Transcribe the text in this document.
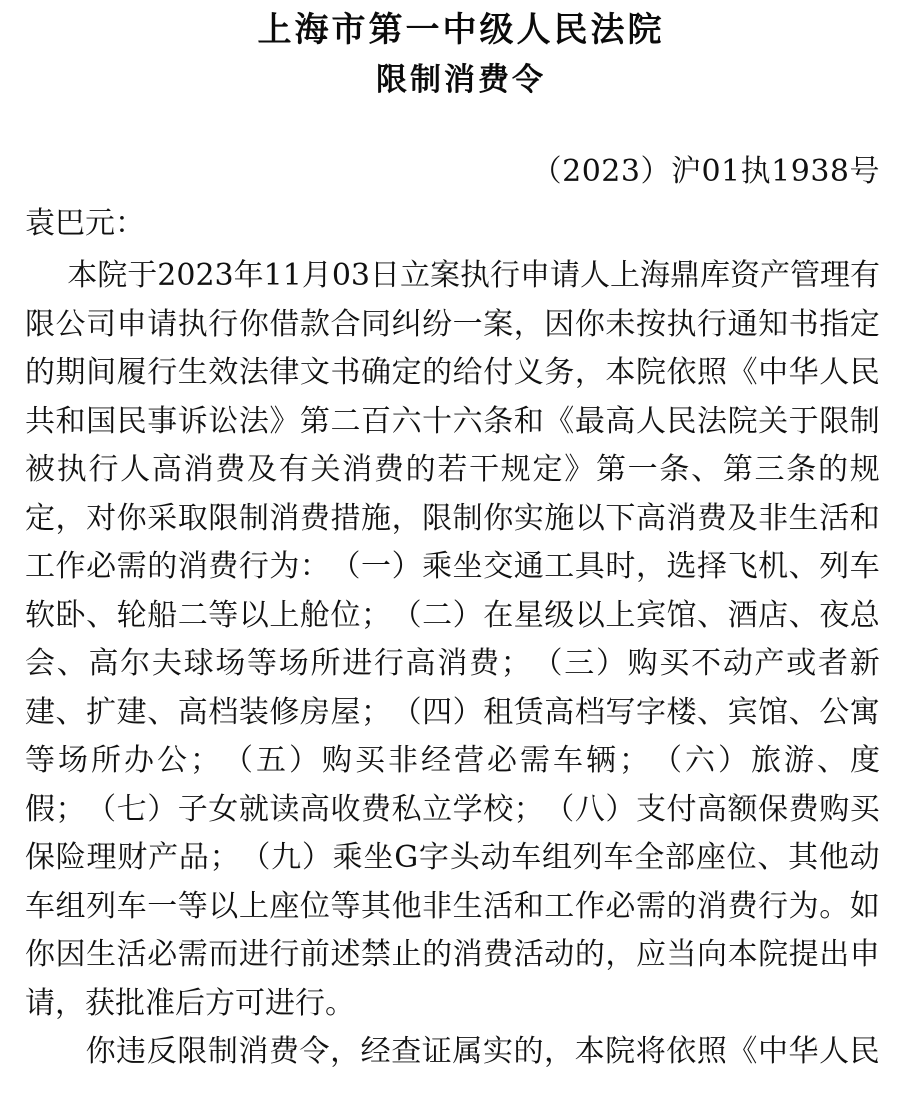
上海市第一中级人民法院
限制消费令
（2023）沪01执1938号
袁巴元：
本 院 于 2 0 2 3 年 1 1 月 0 3 日 立 案 执 行 申 请 人 上 海 鼎 库 资 产 管 理 有
限 公 司 申 请 执 行 你 借 款 合 同 纠 纷 一 案 ， 因 你 未 按 执 行 通 知 书 指 定
的 期 间 履 行 生 效 法 律 文 书 确 定 的 给 付 义 务 ， 本 院 依 照 《 中 华 人 民
共 和 国 民 事 诉 讼 法 》 第 二 百 六 十 六 条 和 《 最 高 人 民 法 院 关 于 限 制
被 执 行 人 高 消 费 及 有 关 消 费 的 若 干 规 定 》 第 一 条 、 第 三 条 的 规
定 ， 对 你 采 取 限 制 消 费 措 施 ， 限 制 你 实 施 以 下 高 消 费 及 非 生 活 和
工 作 必 需 的 消 费 行 为 ： （ 一 ） 乘 坐 交 通 工 具 时 ， 选 择 飞 机 、 列 车
软 卧 、 轮 船 二 等 以 上 舱 位 ； （ 二 ） 在 星 级 以 上 宾 馆 、 酒 店 、 夜 总
会 、 高 尔 夫 球 场 等 场 所 进 行 高 消 费 ； （ 三 ） 购 买 不 动 产 或 者 新
建 、 扩 建 、 高 档 装 修 房 屋 ； （ 四 ） 租 赁 高 档 写 字 楼 、 宾 馆 、 公 寓
等 场 所 办 公 ； （ 五 ） 购 买 非 经 营 必 需 车 辆 ； （ 六 ） 旅 游 、 度
假 ； （ 七 ） 子 女 就 读 高 收 费 私 立 学 校 ； （ 八 ） 支 付 高 额 保 费 购 买
保 险 理 财 产 品 ； （ 九 ） 乘 坐 G 字 头 动 车 组 列 车 全 部 座 位 、 其 他 动
车 组 列 车 一 等 以 上 座 位 等 其 他 非 生 活 和 工 作 必 需 的 消 费 行 为 。 如
你 因 生 活 必 需 而 进 行 前 述 禁 止 的 消 费 活 动 的 ， 应 当 向 本 院 提 出 申
请，获批准后方可进行。
你 违 反 限 制 消 费 令 ， 经 查 证 属 实 的 ， 本 院 将 依 照 《 中 华 人 民
